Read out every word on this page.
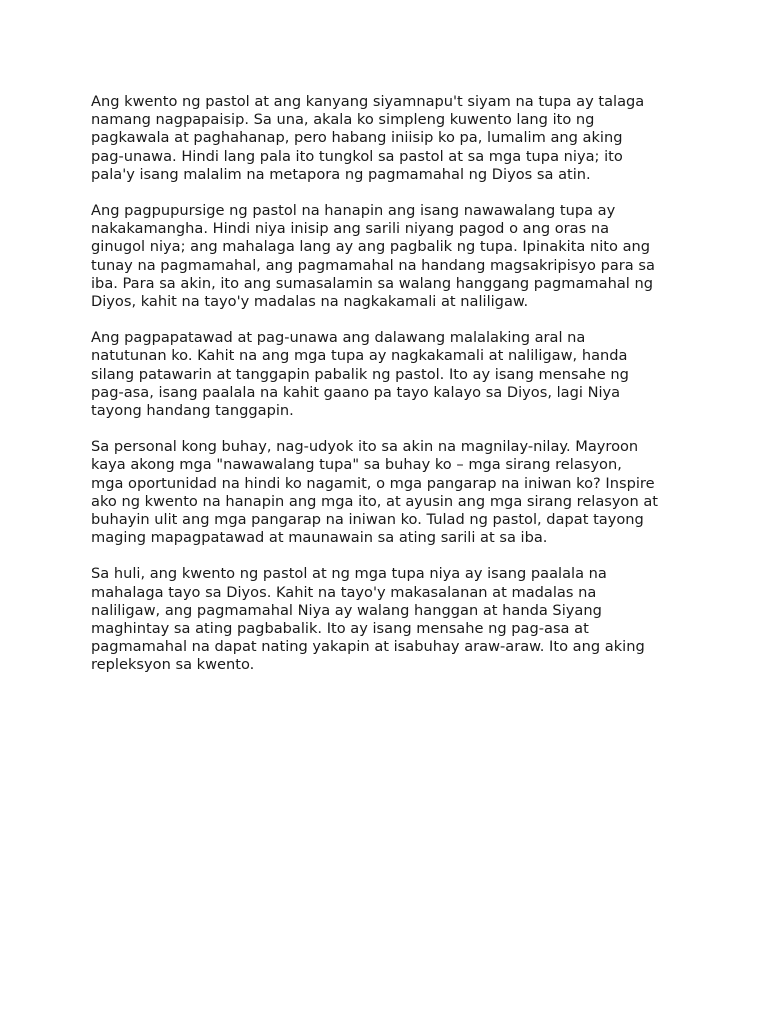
Ang kwento ng pastol at ang kanyang siyamnapu't siyam na tupa ay talaga
namang nagpapaisip. Sa una, akala ko simpleng kuwento lang ito ng
pagkawala at paghahanap, pero habang iniisip ko pa, lumalim ang aking
pag-unawa. Hindi lang pala ito tungkol sa pastol at sa mga tupa niya; ito
pala'y isang malalim na metapora ng pagmamahal ng Diyos sa atin.

Ang pagpupursige ng pastol na hanapin ang isang nawawalang tupa ay
nakakamangha. Hindi niya inisip ang sarili niyang pagod o ang oras na
ginugol niya; ang mahalaga lang ay ang pagbalik ng tupa. Ipinakita nito ang
tunay na pagmamahal, ang pagmamahal na handang magsakripisyo para sa
iba. Para sa akin, ito ang sumasalamin sa walang hanggang pagmamahal ng
Diyos, kahit na tayo'y madalas na nagkakamali at naliligaw.

Ang pagpapatawad at pag-unawa ang dalawang malalaking aral na
natutunan ko. Kahit na ang mga tupa ay nagkakamali at naliligaw, handa
silang patawarin at tanggapin pabalik ng pastol. Ito ay isang mensahe ng
pag-asa, isang paalala na kahit gaano pa tayo kalayo sa Diyos, lagi Niya
tayong handang tanggapin.

Sa personal kong buhay, nag-udyok ito sa akin na magnilay-nilay. Mayroon
kaya akong mga "nawawalang tupa" sa buhay ko – mga sirang relasyon,
mga oportunidad na hindi ko nagamit, o mga pangarap na iniwan ko? Inspire
ako ng kwento na hanapin ang mga ito, at ayusin ang mga sirang relasyon at
buhayin ulit ang mga pangarap na iniwan ko. Tulad ng pastol, dapat tayong
maging mapagpatawad at maunawain sa ating sarili at sa iba.

Sa huli, ang kwento ng pastol at ng mga tupa niya ay isang paalala na
mahalaga tayo sa Diyos. Kahit na tayo'y makasalanan at madalas na
naliligaw, ang pagmamahal Niya ay walang hanggan at handa Siyang
maghintay sa ating pagbabalik. Ito ay isang mensahe ng pag-asa at
pagmamahal na dapat nating yakapin at isabuhay araw-araw. Ito ang aking
repleksyon sa kwento.
